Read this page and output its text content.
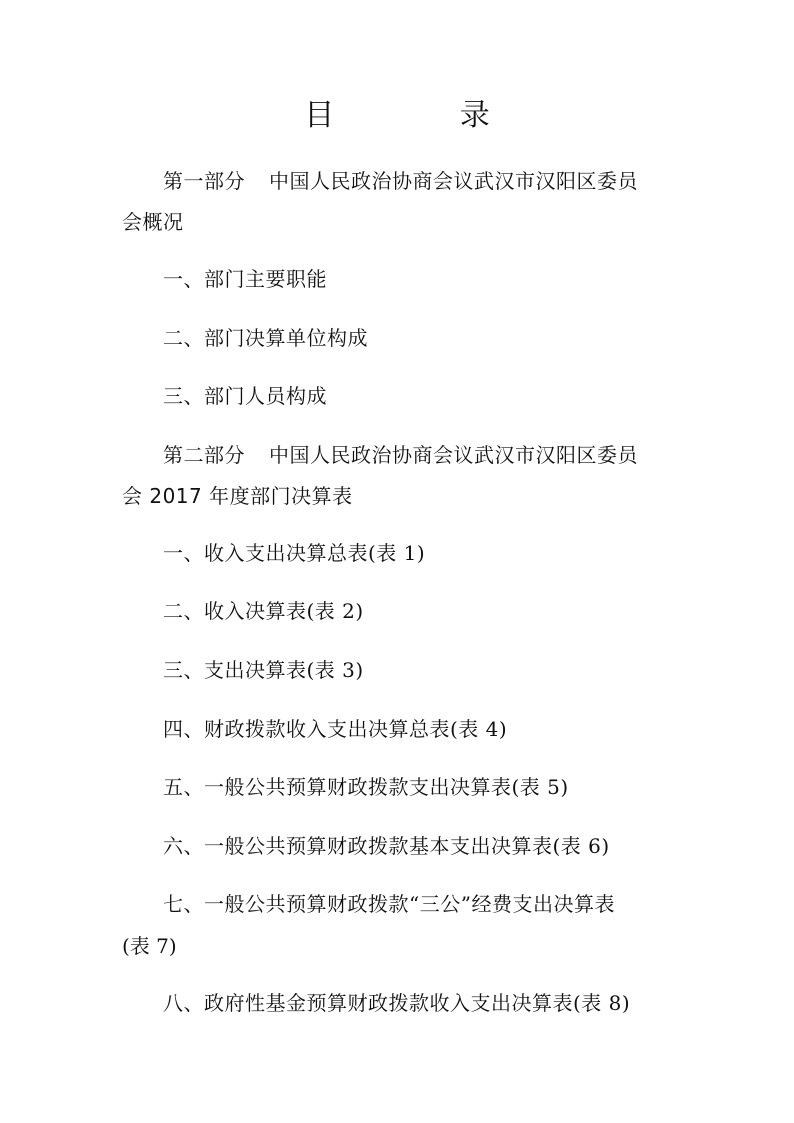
目 录
第一部分 中国人民政治协商会议武汉市汉阳区委员
会概况
一、部门主要职能
二、部门决算单位构成
三、部门人员构成
第二部分 中国人民政治协商会议武汉市汉阳区委员
会 2017 年度部门决算表
一、收入支出决算总表(表 1)
二、收入决算表(表 2)
三、支出决算表(表 3)
四、财政拨款收入支出决算总表(表 4)
五、一般公共预算财政拨款支出决算表(表 5)
六、一般公共预算财政拨款基本支出决算表(表 6)
七、一般公共预算财政拨款“三公”经费支出决算表
(表 7)
八、政府性基金预算财政拨款收入支出决算表(表 8)
